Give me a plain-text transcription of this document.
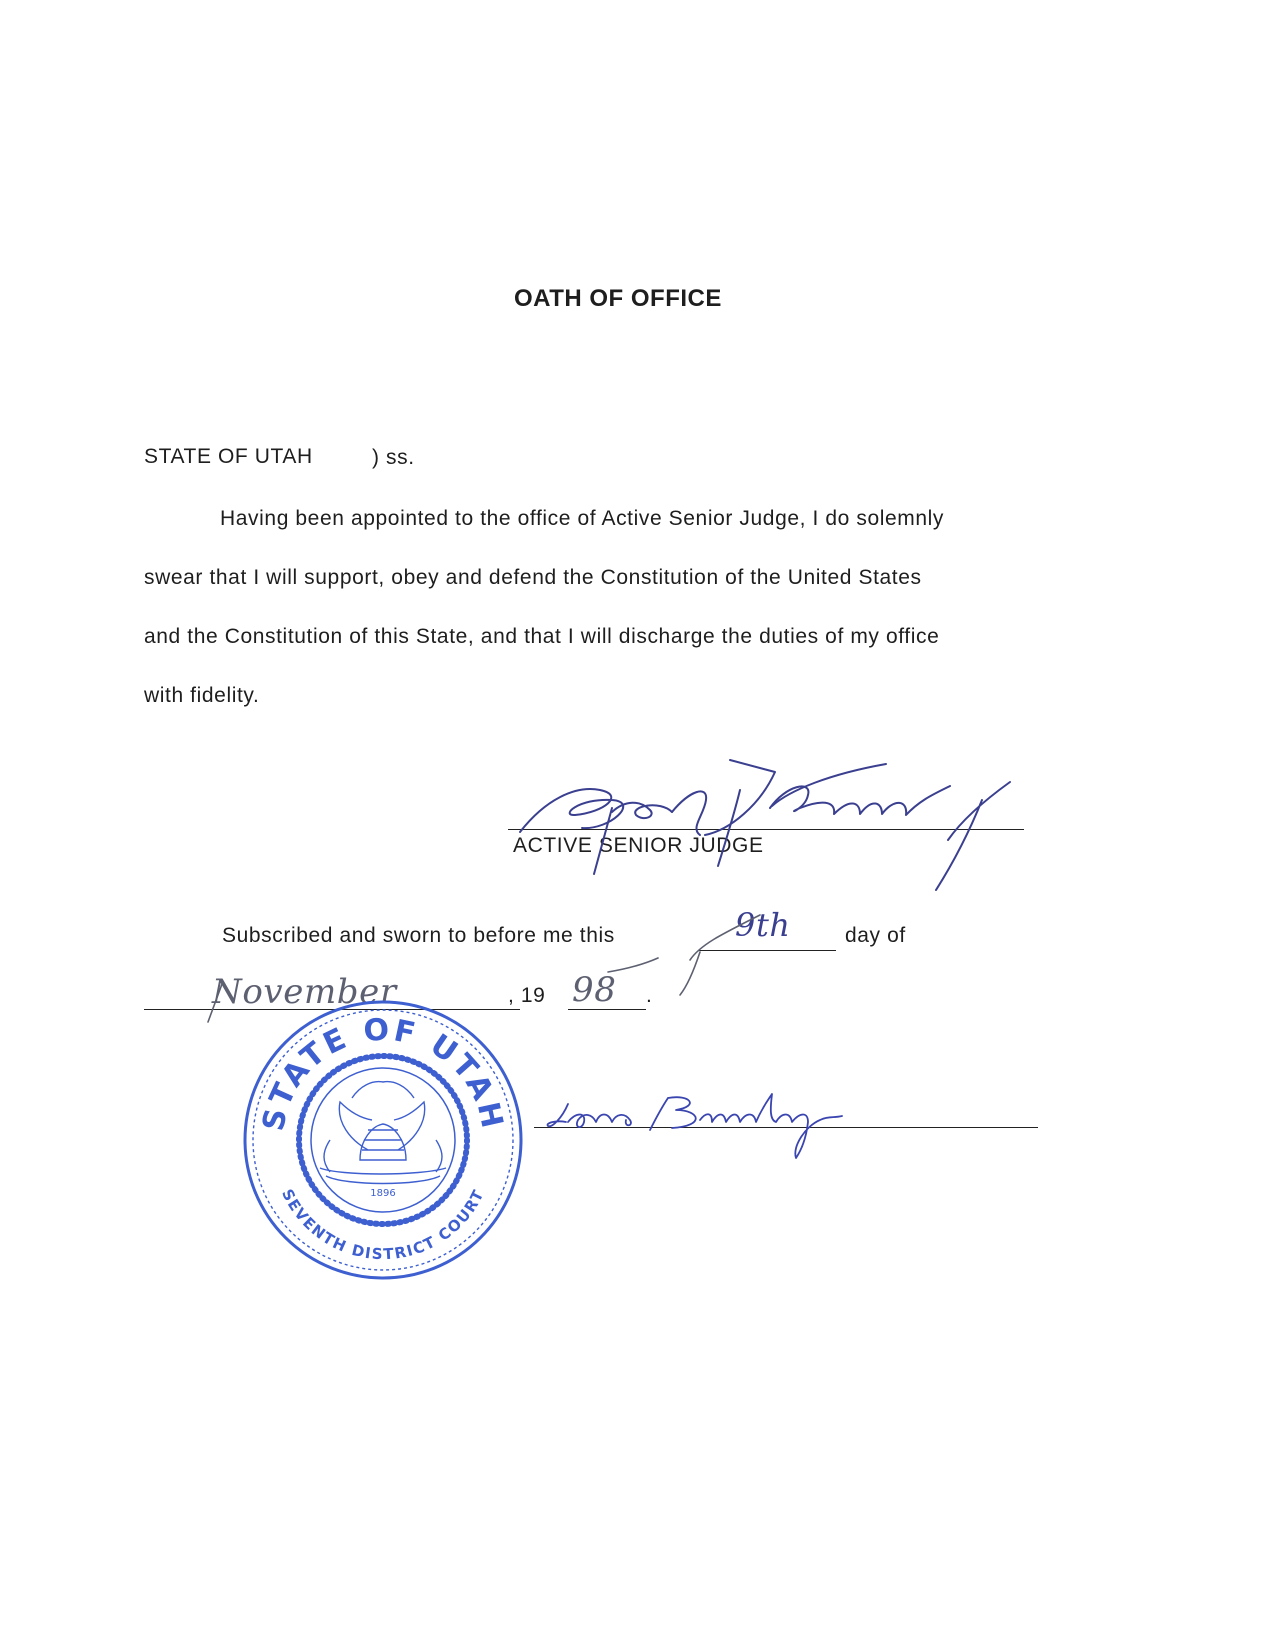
OATH OF OFFICE
STATE OF UTAH	) ss.
Having been appointed to the office of Active Senior Judge, I do solemnly
swear that I will support, obey and defend the Constitution of the United States
and the Constitution of this State, and that I will discharge the duties of my office
with fidelity.
ACTIVE SENIOR JUDGE
Subscribed and sworn to before me this	day of
, 19	.
9th
November	98
STATE OF UTAH
SEVENTH DISTRICT COURT
1896
